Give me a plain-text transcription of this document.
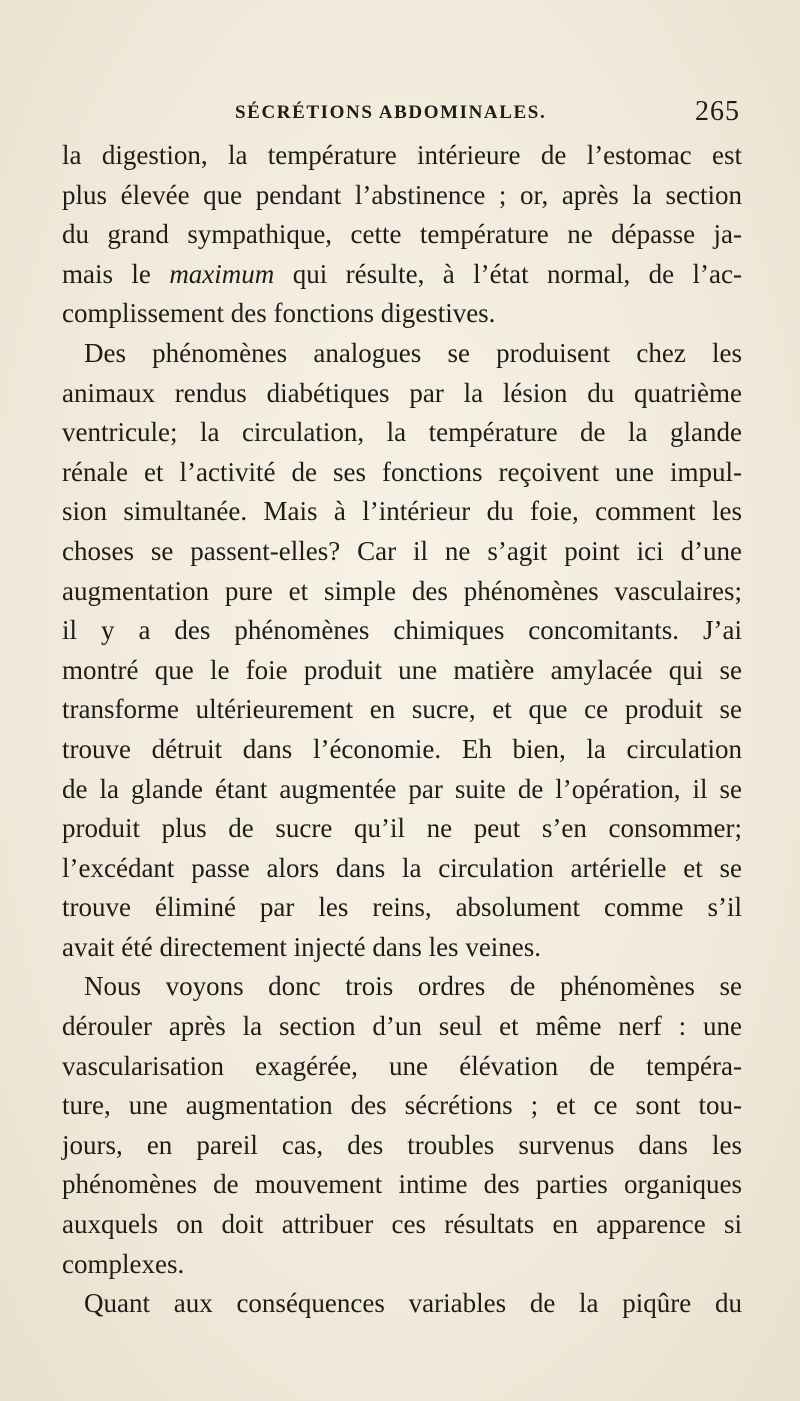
SÉCRÉTIONS ABDOMINALES.	265
la digestion, la température intérieure de l’estomac est
plus élevée que pendant l’abstinence ; or, après la section
du grand sympathique, cette température ne dépasse ja-
mais le maximum qui résulte, à l’état normal, de l’ac-
complissement des fonctions digestives.
Des phénomènes analogues se produisent chez les
animaux rendus diabétiques par la lésion du quatrième
ventricule; la circulation, la température de la glande
rénale et l’activité de ses fonctions reçoivent une impul-
sion simultanée. Mais à l’intérieur du foie, comment les
choses se passent-elles? Car il ne s’agit point ici d’une
augmentation pure et simple des phénomènes vasculaires;
il y a des phénomènes chimiques concomitants. J’ai
montré que le foie produit une matière amylacée qui se
transforme ultérieurement en sucre, et que ce produit se
trouve détruit dans l’économie. Eh bien, la circulation
de la glande étant augmentée par suite de l’opération, il se
produit plus de sucre qu’il ne peut s’en consommer;
l’excédant passe alors dans la circulation artérielle et se
trouve éliminé par les reins, absolument comme s’il
avait été directement injecté dans les veines.
Nous voyons donc trois ordres de phénomènes se
dérouler après la section d’un seul et même nerf : une
vascularisation exagérée, une élévation de tempéra-
ture, une augmentation des sécrétions ; et ce sont tou-
jours, en pareil cas, des troubles survenus dans les
phénomènes de mouvement intime des parties organiques
auxquels on doit attribuer ces résultats en apparence si
complexes.
Quant aux conséquences variables de la piqûre du
